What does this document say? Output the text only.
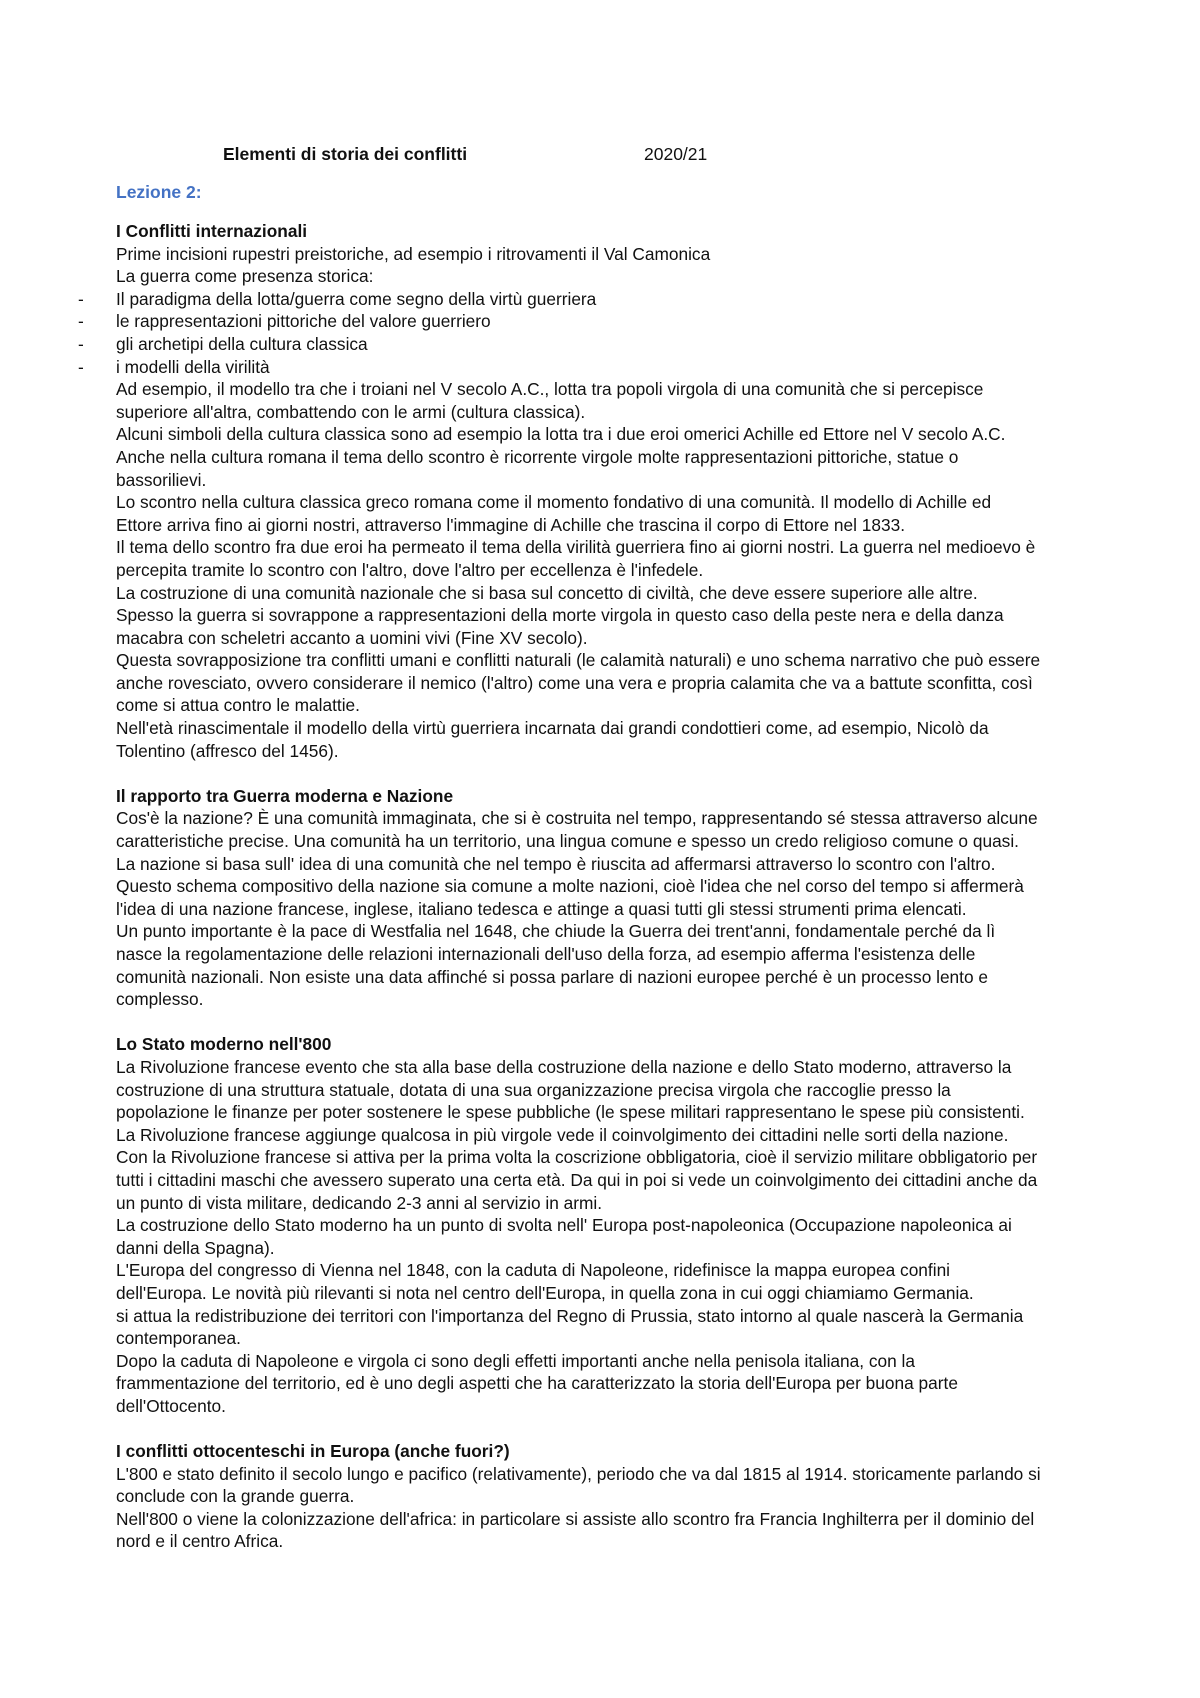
Elementi di storia dei conflitti	2020/21
Lezione 2:
I Conflitti internazionali
Prime incisioni rupestri preistoriche, ad esempio i ritrovamenti il Val Camonica
La guerra come presenza storica:
- Il paradigma della lotta/guerra come segno della virtù guerriera
- le rappresentazioni pittoriche del valore guerriero
- gli archetipi della cultura classica
- i modelli della virilità
Ad esempio, il modello tra che i troiani nel V secolo A.C., lotta tra popoli virgola di una comunità che si percepisce
superiore all'altra, combattendo con le armi (cultura classica).
Alcuni simboli della cultura classica sono ad esempio la lotta tra i due eroi omerici Achille ed Ettore nel V secolo A.C.
Anche nella cultura romana il tema dello scontro è ricorrente virgole molte rappresentazioni pittoriche, statue o
bassorilievi.
Lo scontro nella cultura classica greco romana come il momento fondativo di una comunità. Il modello di Achille ed
Ettore arriva fino ai giorni nostri, attraverso l'immagine di Achille che trascina il corpo di Ettore nel 1833.
Il tema dello scontro fra due eroi ha permeato il tema della virilità guerriera fino ai giorni nostri. La guerra nel medioevo è
percepita tramite lo scontro con l'altro, dove l'altro per eccellenza è l'infedele.
La costruzione di una comunità nazionale che si basa sul concetto di civiltà, che deve essere superiore alle altre.
Spesso la guerra si sovrappone a rappresentazioni della morte virgola in questo caso della peste nera e della danza
macabra con scheletri accanto a uomini vivi (Fine XV secolo).
Questa sovrapposizione tra conflitti umani e conflitti naturali (le calamità naturali) e uno schema narrativo che può essere
anche rovesciato, ovvero considerare il nemico (l'altro) come una vera e propria calamita che va a battute sconfitta, così
come si attua contro le malattie.
Nell'età rinascimentale il modello della virtù guerriera incarnata dai grandi condottieri come, ad esempio, Nicolò da
Tolentino (affresco del 1456).
Il rapporto tra Guerra moderna e Nazione
Cos'è la nazione? È una comunità immaginata, che si è costruita nel tempo, rappresentando sé stessa attraverso alcune
caratteristiche precise. Una comunità ha un territorio, una lingua comune e spesso un credo religioso comune o quasi.
La nazione si basa sull' idea di una comunità che nel tempo è riuscita ad affermarsi attraverso lo scontro con l'altro.
Questo schema compositivo della nazione sia comune a molte nazioni, cioè l'idea che nel corso del tempo si affermerà
l'idea di una nazione francese, inglese, italiano tedesca e attinge a quasi tutti gli stessi strumenti prima elencati.
Un punto importante è la pace di Westfalia nel 1648, che chiude la Guerra dei trent'anni, fondamentale perché da lì
nasce la regolamentazione delle relazioni internazionali dell'uso della forza, ad esempio afferma l'esistenza delle
comunità nazionali. Non esiste una data affinché si possa parlare di nazioni europee perché è un processo lento e
complesso.
Lo Stato moderno nell'800
La Rivoluzione francese evento che sta alla base della costruzione della nazione e dello Stato moderno, attraverso la
costruzione di una struttura statuale, dotata di una sua organizzazione precisa virgola che raccoglie presso la
popolazione le finanze per poter sostenere le spese pubbliche (le spese militari rappresentano le spese più consistenti.
La Rivoluzione francese aggiunge qualcosa in più virgole vede il coinvolgimento dei cittadini nelle sorti della nazione.
Con la Rivoluzione francese si attiva per la prima volta la coscrizione obbligatoria, cioè il servizio militare obbligatorio per
tutti i cittadini maschi che avessero superato una certa età. Da qui in poi si vede un coinvolgimento dei cittadini anche da
un punto di vista militare, dedicando 2-3 anni al servizio in armi.
La costruzione dello Stato moderno ha un punto di svolta nell' Europa post-napoleonica (Occupazione napoleonica ai
danni della Spagna).
L'Europa del congresso di Vienna nel 1848, con la caduta di Napoleone, ridefinisce la mappa europea confini
dell'Europa. Le novità più rilevanti si nota nel centro dell'Europa, in quella zona in cui oggi chiamiamo Germania.
si attua la redistribuzione dei territori con l'importanza del Regno di Prussia, stato intorno al quale nascerà la Germania
contemporanea.
Dopo la caduta di Napoleone e virgola ci sono degli effetti importanti anche nella penisola italiana, con la
frammentazione del territorio, ed è uno degli aspetti che ha caratterizzato la storia dell'Europa per buona parte
dell'Ottocento.
I conflitti ottocenteschi in Europa (anche fuori?)
L'800 e stato definito il secolo lungo e pacifico (relativamente), periodo che va dal 1815 al 1914. storicamente parlando si
conclude con la grande guerra.
Nell'800 o viene la colonizzazione dell'africa: in particolare si assiste allo scontro fra Francia Inghilterra per il dominio del
nord e il centro Africa.
